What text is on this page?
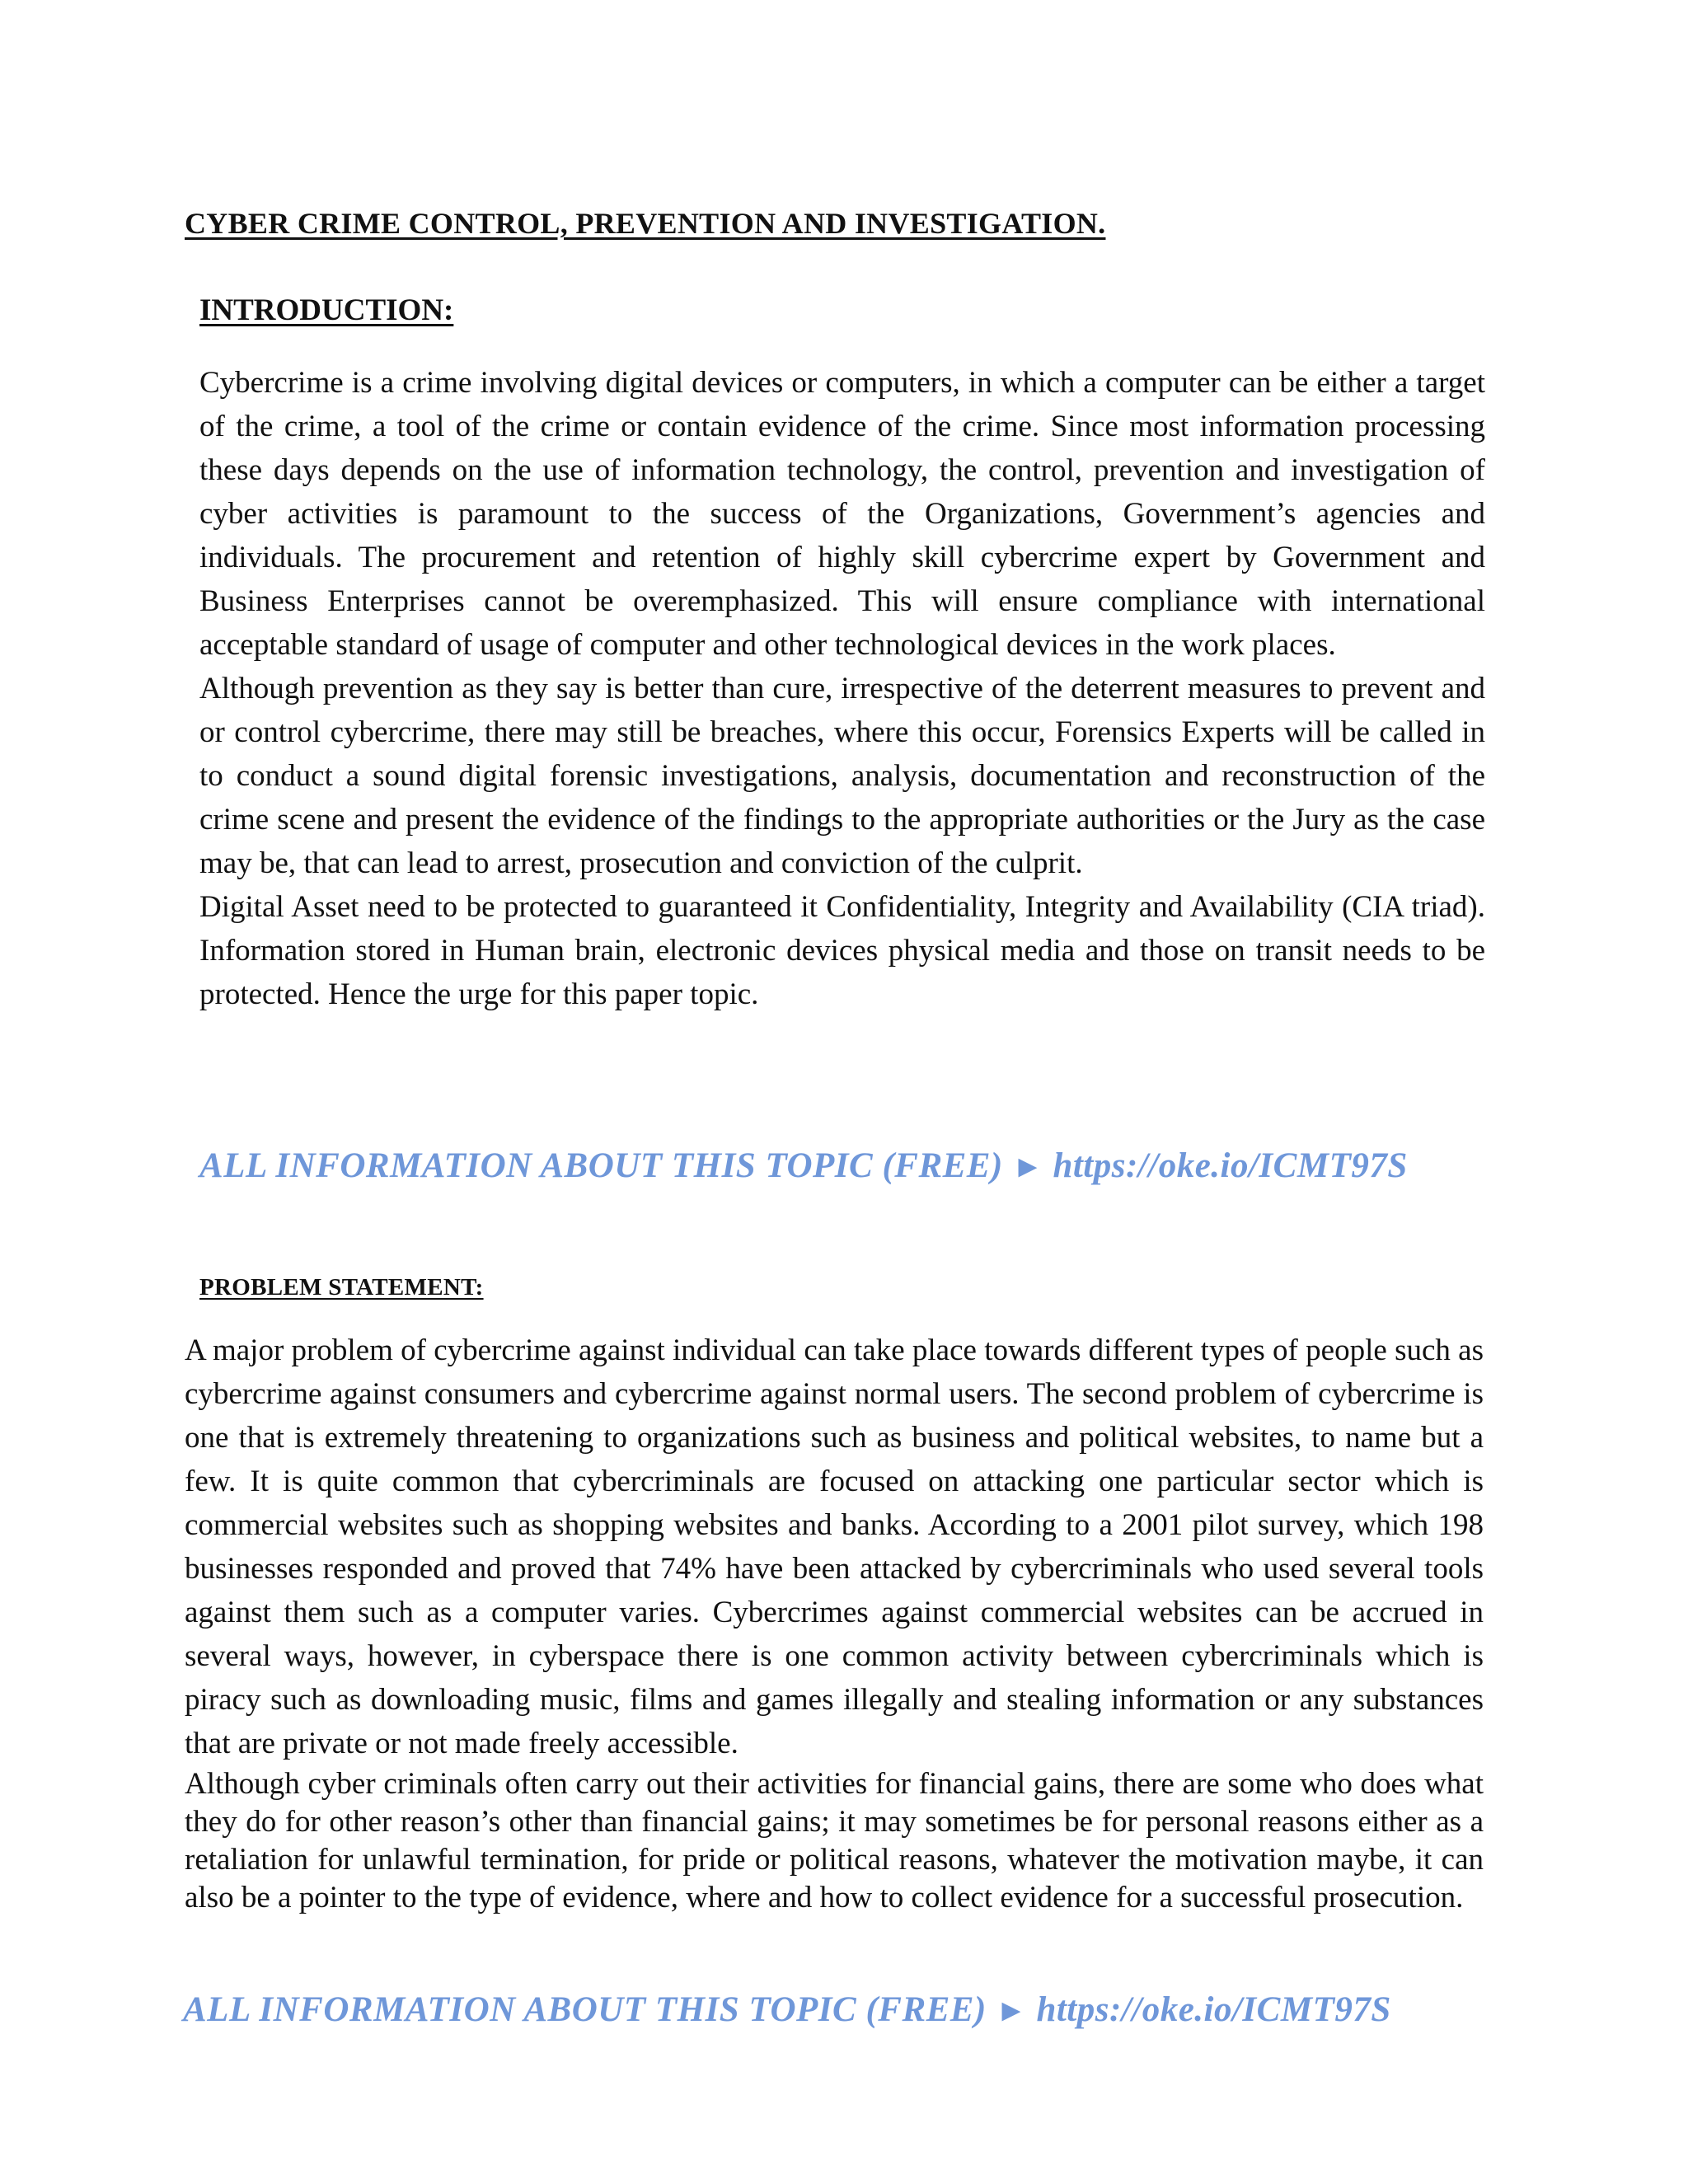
CYBER CRIME CONTROL, PREVENTION AND INVESTIGATION.
INTRODUCTION:

Cybercrime is a crime involving digital devices or computers, in which a computer can be either a target of the crime, a tool of the crime or contain evidence of the crime. Since most information processing these days depends on the use of information technology, the control, prevention and investigation of cyber activities is paramount to the success of the Organizations, Government’s agencies and individuals. The procurement and retention of highly skill cybercrime expert by Government and Business Enterprises cannot be overemphasized. This will ensure compliance with international acceptable standard of usage of computer and other technological devices in the work places.

Although prevention as they say is better than cure, irrespective of the deterrent measures to prevent and or control cybercrime, there may still be breaches, where this occur, Forensics Experts will be called in to conduct a sound digital forensic investigations, analysis, documentation and reconstruction of the crime scene and present the evidence of the findings to the appropriate authorities or the Jury as the case may be, that can lead to arrest, prosecution and conviction of the culprit.

Digital Asset need to be protected to guaranteed it Confidentiality, Integrity and Availability (CIA triad). Information stored in Human brain, electronic devices physical media and those on transit needs to be protected. Hence the urge for this paper topic.

ALL INFORMATION ABOUT THIS TOPIC (FREE) ► https://oke.io/ICMT97S
PROBLEM STATEMENT:

A major problem of cybercrime against individual can take place towards different types of people such as cybercrime against consumers and cybercrime against normal users. The second problem of cybercrime is one that is extremely threatening to organizations such as business and political websites, to name but a few. It is quite common that cybercriminals are focused on attacking one particular sector which is commercial websites such as shopping websites and banks. According to a 2001 pilot survey, which 198 businesses responded and proved that 74% have been attacked by cybercriminals who used several tools against them such as a computer varies. Cybercrimes against commercial websites can be accrued in several ways, however, in cyberspace there is one common activity between cybercriminals which is piracy such as downloading music, films and games illegally and stealing information or any substances that are private or not made freely accessible.

Although cyber criminals often carry out their activities for financial gains, there are some who does what they do for other reason’s other than financial gains; it may sometimes be for personal reasons either as a retaliation for unlawful termination, for pride or political reasons, whatever the motivation maybe, it can also be a pointer to the type of evidence, where and how to collect evidence for a successful prosecution.

ALL INFORMATION ABOUT THIS TOPIC (FREE) ► https://oke.io/ICMT97S
